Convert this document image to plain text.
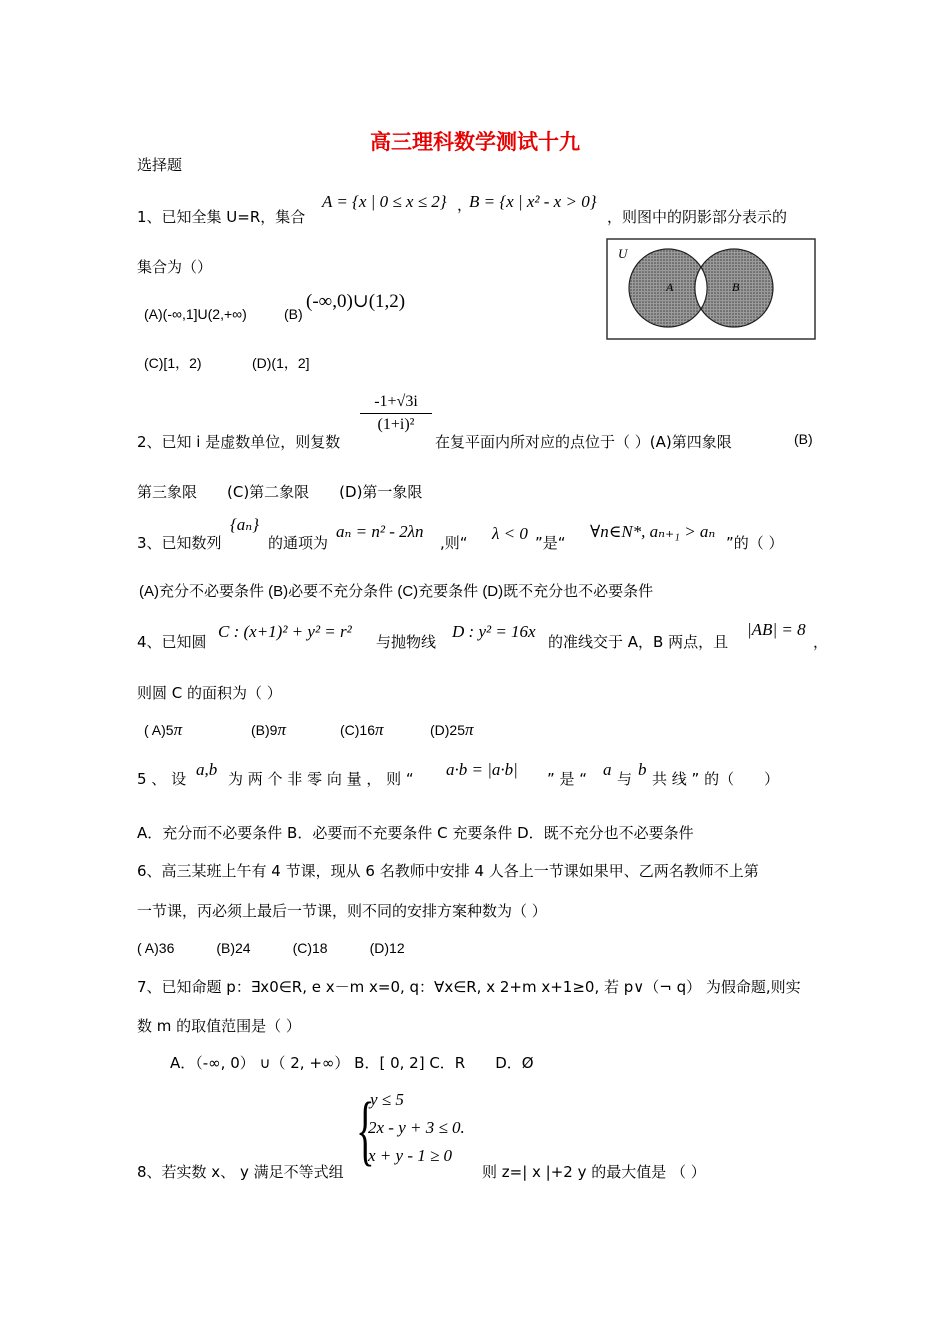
高三理科数学测试十九
选择题
1、已知全集 U=R，集合
A = {x | 0 ≤ x ≤ 2} ，
B = {x | x² - x > 0}
，则图中的阴影部分表示的
集合为（）
U
A	B
(A)(-∞,1]U(2,+∞)	(B)
(-∞,0)∪(1,2)
(C)[1，2)	(D)(1，2]
-1+√3i
(1+i)²
2、已知 i 是虚数单位，则复数	在复平面内所对应的点位于（ ）(A)第四象限	(B)
第三象限　　(C)第二象限　　(D)第一象限
3、已知数列
{aₙ}
的通项为
aₙ = n² - 2λn
,则“ λ < 0 ”是“
∀n∈N*, aₙ₊₁ > aₙ
”的（ ）
(A)充分不必要条件 (B)必要不充分条件 (C)充要条件 (D)既不充分也不必要条件
4、已知圆
C : (x+1)² + y² = r²
与抛物线
D : y² = 16x
的准线交于 A，B 两点，且
|AB| = 8
，
则圆 C 的面积为（ ）
( A)5π	(B)9π	(C)16π	(D)25π
5 、 设 a,b 为 两 个 非 零 向 量 ， 则 “ a·b = |a·b| ” 是 “ a 与 b 共 线 ” 的（　　）
A．充分而不必要条件 B．必要而不充要条件 C 充要条件 D．既不充分也不必要条件
6、高三某班上午有 4 节课，现从 6 名教师中安排 4 人各上一节课如果甲、乙两名教师不上第
一节课，丙必须上最后一节课，则不同的安排方案种数为（ ）
( A)36　　　(B)24　　　(C)18　　　(D)12
7、已知命题 p：∃x0∈R, e x－m x=0, q：∀x∈R, x 2+m x+1≥0, 若 p∨（¬ q） 为假命题,则实
数 m 的取值范围是（ ）
A．（-∞, 0） ∪（ 2, +∞） B．[ 0, 2] C．R　　D．Ø
{
y ≤ 5
2x - y + 3 ≤ 0.
x + y - 1 ≥ 0
8、若实数 x、 y 满足不等式组	则 z=| x |+2 y 的最大值是 （ ）
